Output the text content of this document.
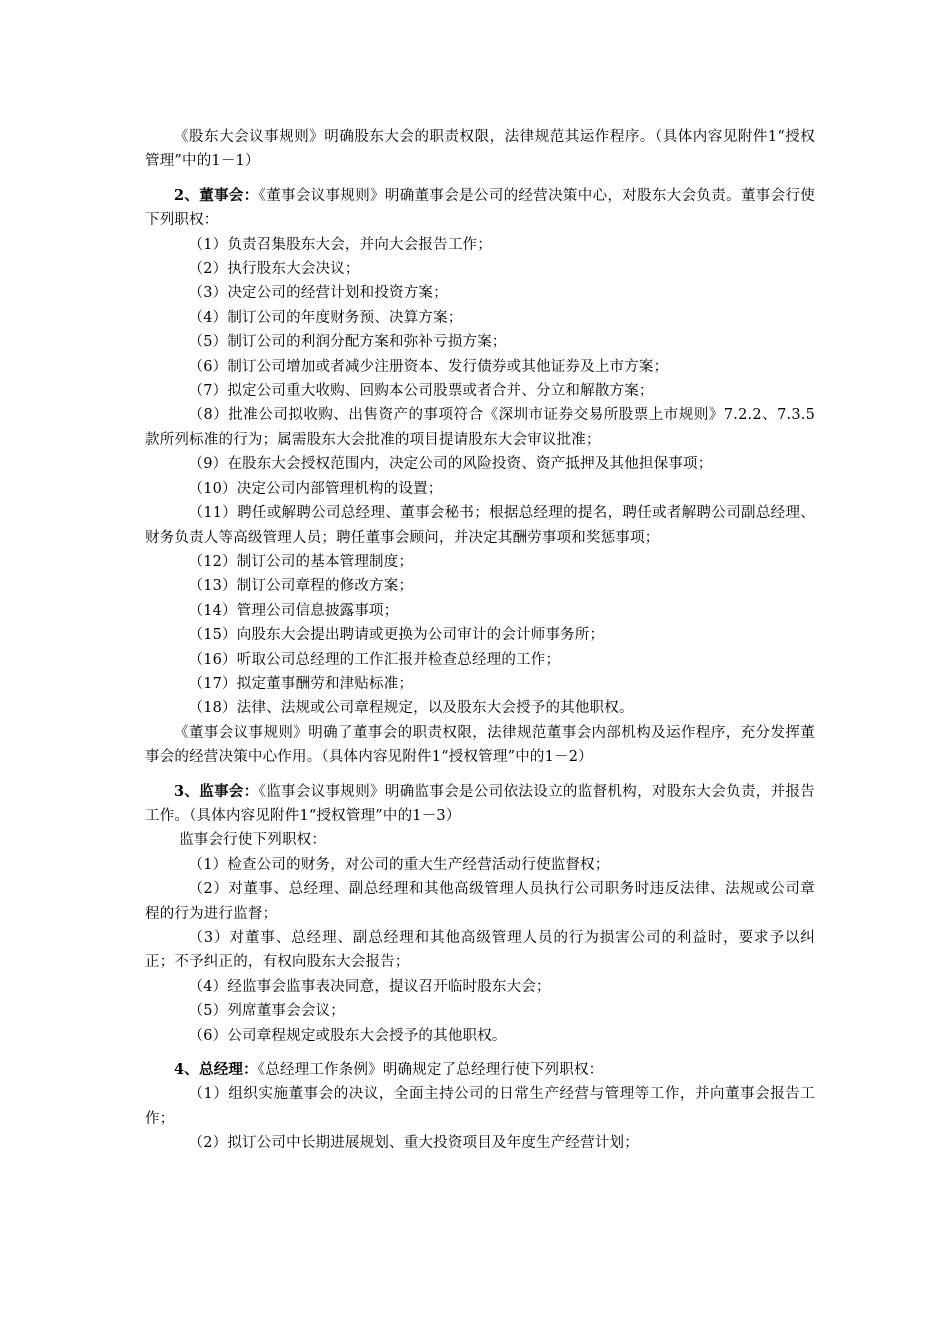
《股东大会议事规则》明确股东大会的职责权限，法律规范其运作程序。（具体内容见附件1“授权管理”中的1－1）

2、董事会：《董事会议事规则》明确董事会是公司的经营决策中心，对股东大会负责。董事会行使下列职权：

（1）负责召集股东大会，并向大会报告工作；

（2）执行股东大会决议；

（3）决定公司的经营计划和投资方案；

（4）制订公司的年度财务预、决算方案；

（5）制订公司的利润分配方案和弥补亏损方案；

（6）制订公司增加或者减少注册资本、发行债券或其他证券及上市方案；

（7）拟定公司重大收购、回购本公司股票或者合并、分立和解散方案；

（8）批准公司拟收购、出售资产的事项符合《深圳市证券交易所股票上市规则》7.2.2、7.3.5款所列标准的行为；属需股东大会批准的项目提请股东大会审议批准；

（9）在股东大会授权范围内，决定公司的风险投资、资产抵押及其他担保事项；

（10）决定公司内部管理机构的设置；

（11）聘任或解聘公司总经理、董事会秘书；根据总经理的提名，聘任或者解聘公司副总经理、财务负责人等高级管理人员；聘任董事会顾问，并决定其酬劳事项和奖惩事项；

（12）制订公司的基本管理制度；

（13）制订公司章程的修改方案；

（14）管理公司信息披露事项；

（15）向股东大会提出聘请或更换为公司审计的会计师事务所；

（16）听取公司总经理的工作汇报并检查总经理的工作；

（17）拟定董事酬劳和津贴标准；

（18）法律、法规或公司章程规定，以及股东大会授予的其他职权。

《董事会议事规则》明确了董事会的职责权限，法律规范董事会内部机构及运作程序，充分发挥董事会的经营决策中心作用。（具体内容见附件1“授权管理”中的1－2）

3、监事会：《监事会议事规则》明确监事会是公司依法设立的监督机构，对股东大会负责，并报告工作。（具体内容见附件1“授权管理”中的1－3）

监事会行使下列职权：

（1）检查公司的财务，对公司的重大生产经营活动行使监督权；

（2）对董事、总经理、副总经理和其他高级管理人员执行公司职务时违反法律、法规或公司章程的行为进行监督；

（3）对董事、总经理、副总经理和其他高级管理人员的行为损害公司的利益时，要求予以纠正；不予纠正的，有权向股东大会报告；

（4）经监事会监事表决同意，提议召开临时股东大会；

（5）列席董事会会议；

（6）公司章程规定或股东大会授予的其他职权。

4、总经理：《总经理工作条例》明确规定了总经理行使下列职权：

（1）组织实施董事会的决议，全面主持公司的日常生产经营与管理等工作，并向董事会报告工作；

（2）拟订公司中长期进展规划、重大投资项目及年度生产经营计划；
